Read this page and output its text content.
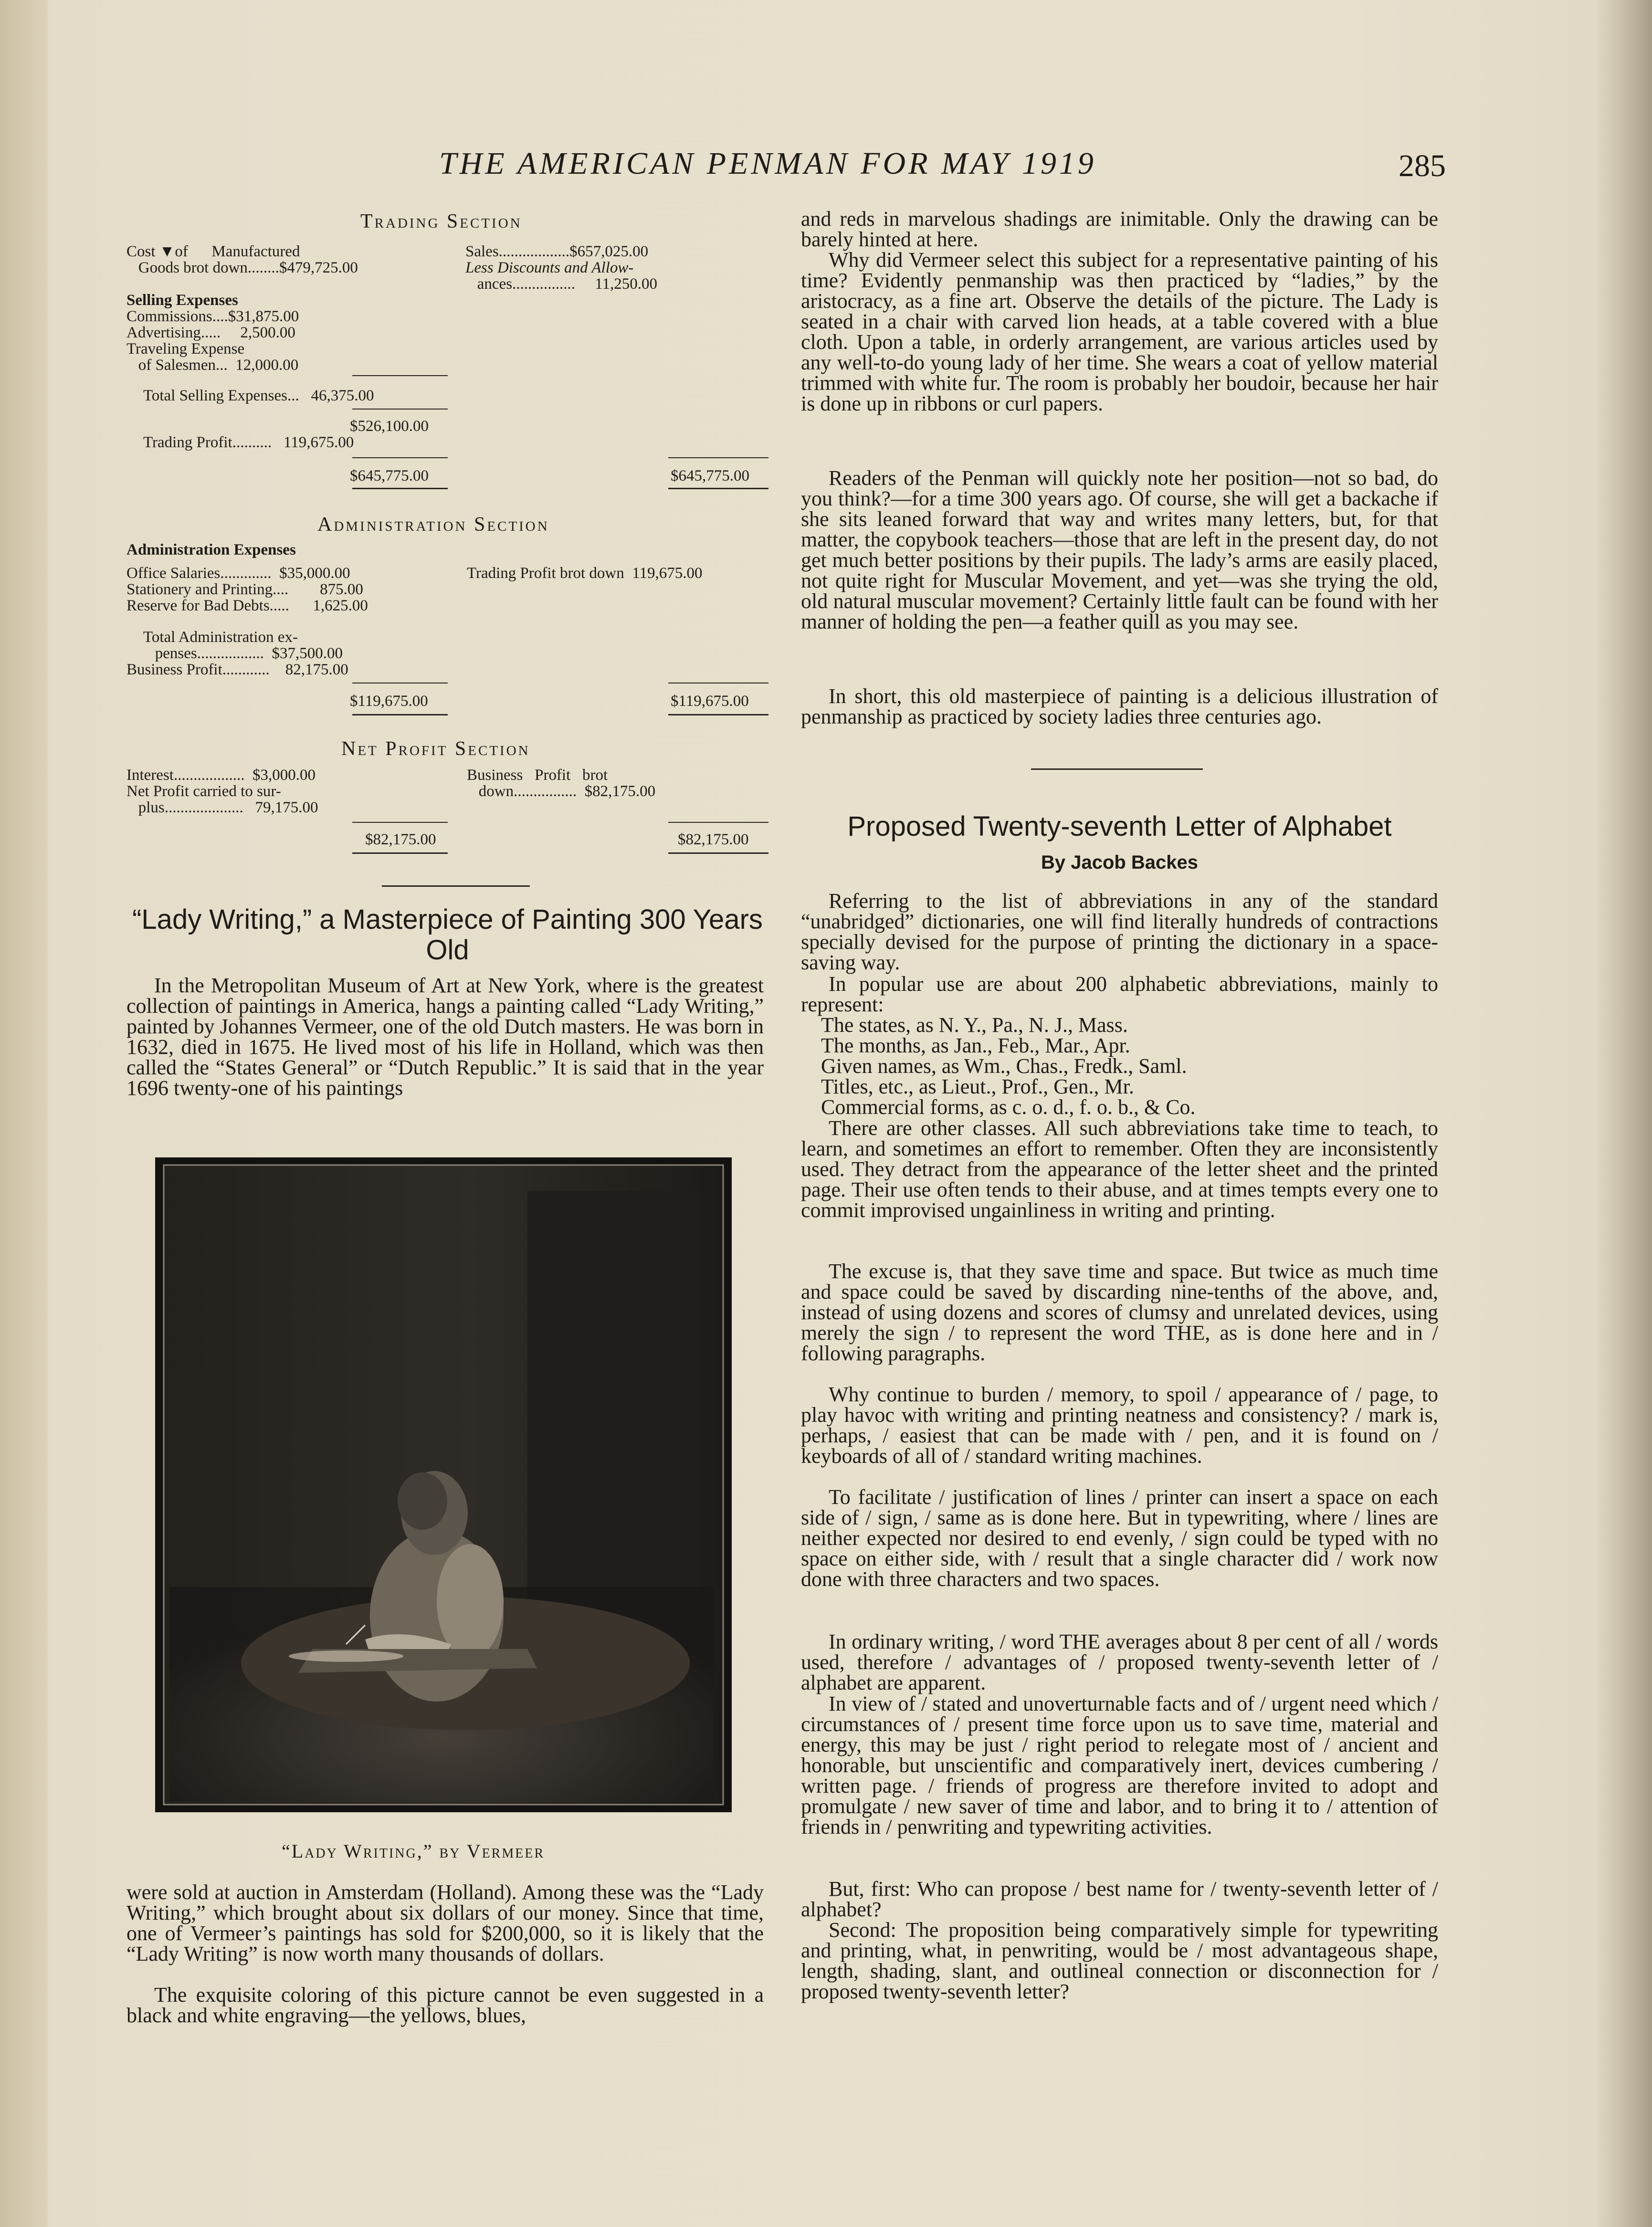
THE AMERICAN PENMAN FOR MAY 1919	285
Trading Section
Cost ▼of      Manufactured
Goods brot down........$479,725.00
Selling Expenses
Commissions....$31,875.00
Advertising.....     2,500.00
Traveling Expense
of Salesmen...  12,000.00
Total Selling Expenses...   46,375.00
$526,100.00
Trading Profit..........   119,675.00
$645,775.00
Sales..................$657,025.00
Less Discounts and Allow-
ances................     11,250.00
$645,775.00
Administration Section
Administration Expenses
Office Salaries.............  $35,000.00
Stationery and Printing....        875.00
Reserve for Bad Debts.....      1,625.00
Total Administration ex-
penses.................  $37,500.00
Business Profit............    82,175.00
$119,675.00
Trading Profit brot down  119,675.00
$119,675.00
Net Profit Section
Interest..................  $3,000.00
Net Profit carried to sur-
plus....................   79,175.00
$82,175.00
Business   Profit   brot
down................  $82,175.00
$82,175.00
“Lady Writing,” a Masterpiece of Painting 300 Years Old
In the Metropolitan Museum of Art at New York, where is the greatest collection of paintings in America, hangs a painting called “Lady Writing,” painted by Johannes Vermeer, one of the old Dutch masters. He was born in 1632, died in 1675. He lived most of his life in Holland, which was then called the “States General” or “Dutch Republic.” It is said that in the year 1696 twenty-one of his paintings
“Lady Writing,” by Vermeer
were sold at auction in Amsterdam (Holland). Among these was the “Lady Writing,” which brought about six dollars of our money. Since that time, one of Vermeer’s paintings has sold for $200,000, so it is likely that the “Lady Writing” is now worth many thousands of dollars.
The exquisite coloring of this picture cannot be even suggested in a black and white engraving—the yellows, blues,
and reds in marvelous shadings are inimitable. Only the drawing can be barely hinted at here.
Why did Vermeer select this subject for a representative painting of his time? Evidently penmanship was then practiced by “ladies,” by the aristocracy, as a fine art. Observe the details of the picture. The Lady is seated in a chair with carved lion heads, at a table covered with a blue cloth. Upon a table, in orderly arrangement, are various articles used by any well-to-do young lady of her time. She wears a coat of yellow material trimmed with white fur. The room is probably her boudoir, because her hair is done up in ribbons or curl papers.
Readers of the Penman will quickly note her position—not so bad, do you think?—for a time 300 years ago. Of course, she will get a backache if she sits leaned forward that way and writes many letters, but, for that matter, the copybook teachers—those that are left in the present day, do not get much better positions by their pupils. The lady’s arms are easily placed, not quite right for Muscular Movement, and yet—was she trying the old, old natural muscular movement? Certainly little fault can be found with her manner of holding the pen—a feather quill as you may see.
In short, this old masterpiece of painting is a delicious illustration of penmanship as practiced by society ladies three centuries ago.
Proposed Twenty-seventh Letter of Alphabet
By Jacob Backes
Referring to the list of abbreviations in any of the standard “unabridged” dictionaries, one will find literally hundreds of contractions specially devised for the purpose of printing the dictionary in a space-saving way.
In popular use are about 200 alphabetic abbreviations, mainly to represent:
The states, as N. Y., Pa., N. J., Mass.
The months, as Jan., Feb., Mar., Apr.
Given names, as Wm., Chas., Fredk., Saml.
Titles, etc., as Lieut., Prof., Gen., Mr.
Commercial forms, as c. o. d., f. o. b., & Co.
There are other classes. All such abbreviations take time to teach, to learn, and sometimes an effort to remember. Often they are inconsistently used. They detract from the appearance of the letter sheet and the printed page. Their use often tends to their abuse, and at times tempts every one to commit improvised ungainliness in writing and printing.
The excuse is, that they save time and space. But twice as much time and space could be saved by discarding nine-tenths of the above, and, instead of using dozens and scores of clumsy and unrelated devices, using merely the sign / to represent the word THE, as is done here and in / following paragraphs.
Why continue to burden / memory, to spoil / appearance of / page, to play havoc with writing and printing neatness and consistency? / mark is, perhaps, / easiest that can be made with / pen, and it is found on / keyboards of all of / standard writing machines.
To facilitate / justification of lines / printer can insert a space on each side of / sign, / same as is done here. But in typewriting, where / lines are neither expected nor desired to end evenly, / sign could be typed with no space on either side, with / result that a single character did / work now done with three characters and two spaces.
In ordinary writing, / word THE averages about 8 per cent of all / words used, therefore / advantages of / proposed twenty-seventh letter of / alphabet are apparent.
In view of / stated and unoverturnable facts and of / urgent need which / circumstances of / present time force upon us to save time, material and energy, this may be just / right period to relegate most of / ancient and honorable, but unscientific and comparatively inert, devices cumbering / written page. / friends of progress are therefore invited to adopt and promulgate / new saver of time and labor, and to bring it to / attention of friends in / penwriting and typewriting activities.
But, first: Who can propose / best name for / twenty-seventh letter of / alphabet?
Second: The proposition being comparatively simple for typewriting and printing, what, in penwriting, would be / most advantageous shape, length, shading, slant, and outlineal connection or disconnection for / proposed twenty-seventh letter?
